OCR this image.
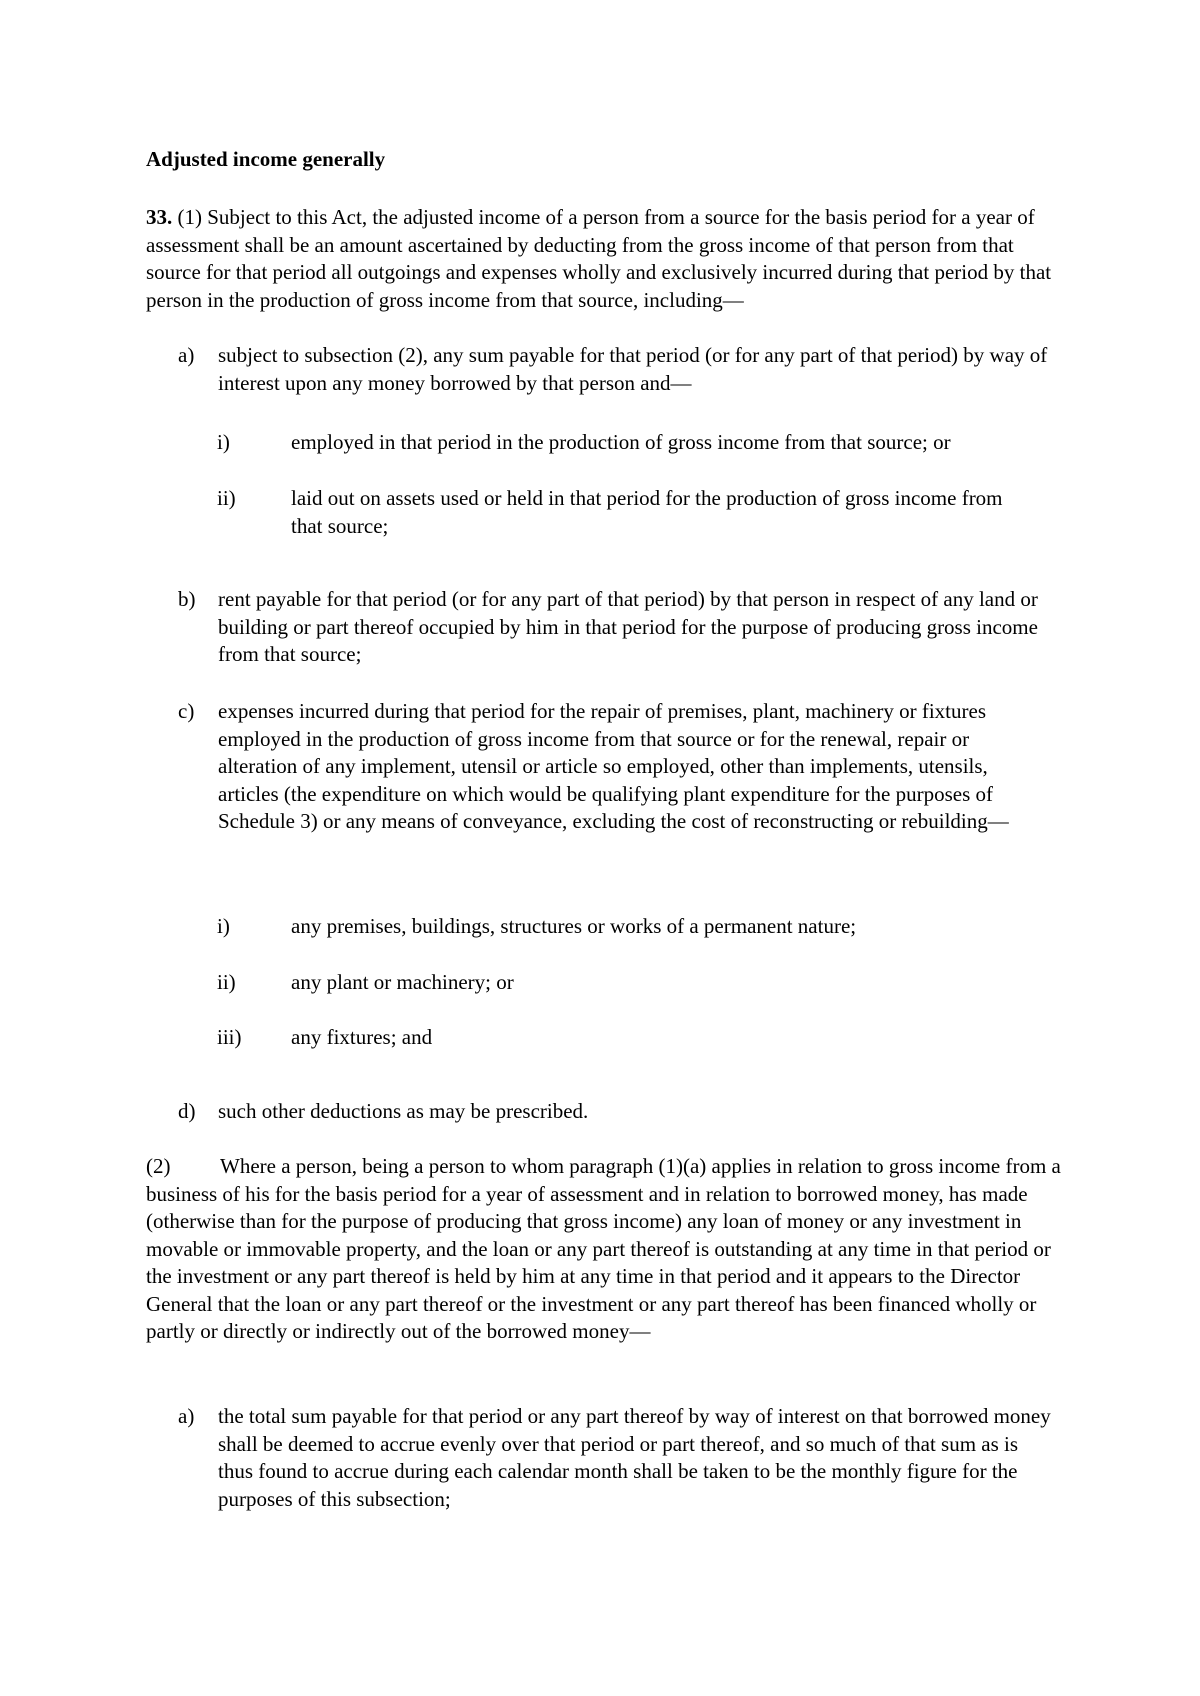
Adjusted income generally

33. (1) Subject to this Act, the adjusted income of a person from a source for the basis period for a year of assessment shall be an amount ascertained by deducting from the gross income of that person from that source for that period all outgoings and expenses wholly and exclusively incurred during that period by that person in the production of gross income from that source, including—

a)	subject to subsection (2), any sum payable for that period (or for any part of that period) by way of interest upon any money borrowed by that person and—
i)	employed in that period in the production of gross income from that source; or
ii)	laid out on assets used or held in that period for the production of gross income from that source;
b)	rent payable for that period (or for any part of that period) by that person in respect of any land or building or part thereof occupied by him in that period for the purpose of producing gross income from that source;
c)	expenses incurred during that period for the repair of premises, plant, machinery or fixtures employed in the production of gross income from that source or for the renewal, repair or alteration of any implement, utensil or article so employed, other than implements, utensils, articles (the expenditure on which would be qualifying plant expenditure for the purposes of Schedule 3) or any means of conveyance, excluding the cost of reconstructing or rebuilding—
i)	any premises, buildings, structures or works of a permanent nature;
ii)	any plant or machinery; or
iii) any fixtures; and
d)	such other deductions as may be prescribed.

(2) Where a person, being a person to whom paragraph (1)(a) applies in relation to gross income from a business of his for the basis period for a year of assessment and in relation to borrowed money, has made (otherwise than for the purpose of producing that gross income) any loan of money or any investment in movable or immovable property, and the loan or any part thereof is outstanding at any time in that period or the investment or any part thereof is held by him at any time in that period and it appears to the Director General that the loan or any part thereof or the investment or any part thereof has been financed wholly or partly or directly or indirectly out of the borrowed money—

a)	the total sum payable for that period or any part thereof by way of interest on that borrowed money shall be deemed to accrue evenly over that period or part thereof, and so much of that sum as is thus found to accrue during each calendar month shall be taken to be the monthly figure for the purposes of this subsection;
